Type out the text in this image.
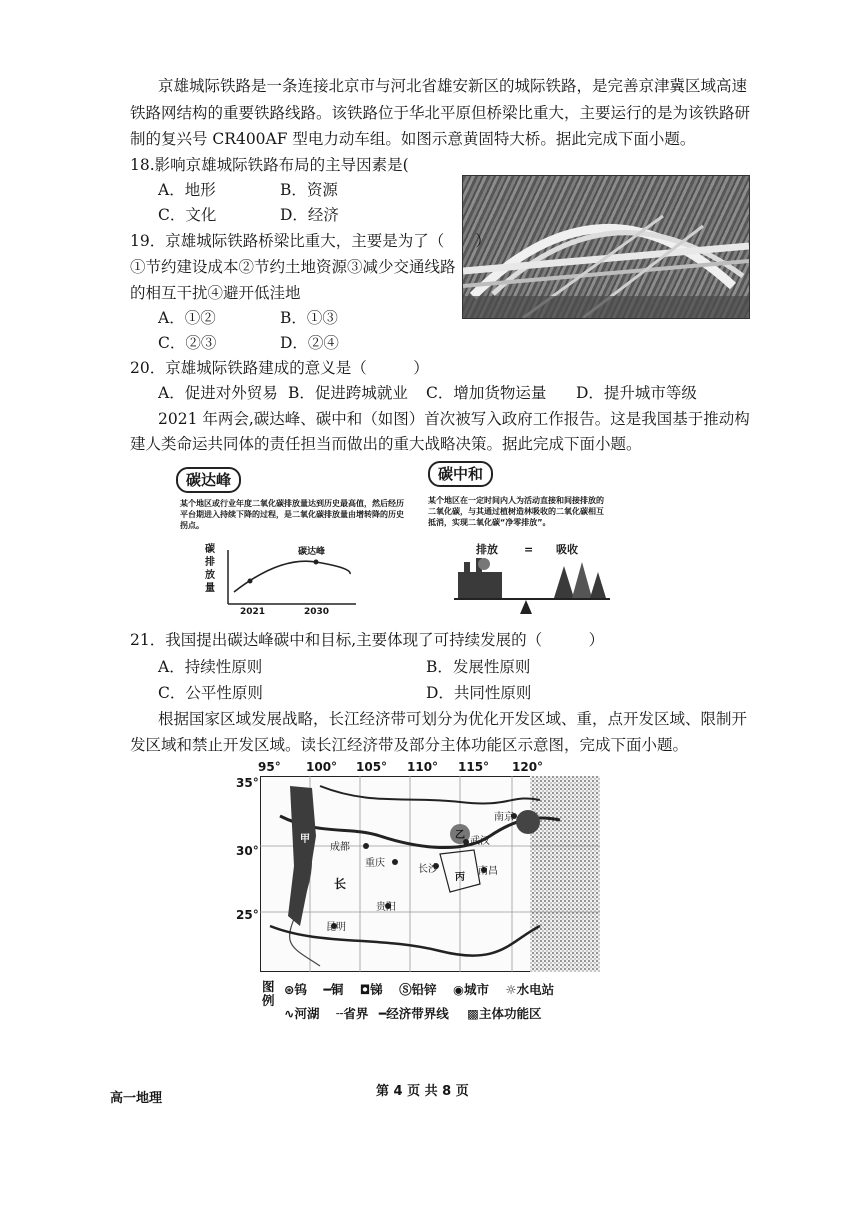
京雄城际铁路是一条连接北京市与河北省雄安新区的城际铁路，是完善京津冀区域高速
铁路网结构的重要铁路线路。该铁路位于华北平原但桥梁比重大，主要运行的是为该铁路研
制的复兴号 CR400AF 型电力动车组。如图示意黄固特大桥。据此完成下面小题。
18.影响京雄城际铁路布局的主导因素是(
A．地形	B．资源
C．文化	D．经济
19．京雄城际铁路桥梁比重大，主要是为了（　　）
①节约建设成本②节约土地资源③减少交通线路
的相互干扰④避开低洼地
A．①②	B．①③
C．②③	D．②④
20．京雄城际铁路建成的意义是（　　　）
A．促进对外贸易 B．促进跨城就业 C．增加货物运量 D．提升城市等级
2021 年两会,碳达峰、碳中和（如图）首次被写入政府工作报告。这是我国基于推动构
建人类命运共同体的责任担当而做出的重大战略决策。据此完成下面小题。
碳达峰
某个地区或行业年度二氧化碳排放量达到历史最高值，然后经历平台期进入持续下降的过程，是二氧化碳排放量由增转降的历史拐点。
碳排放量
碳达峰
2021	2030
碳中和
某个地区在一定时间内人为活动直接和间接排放的二氧化碳，与其通过植树造林吸收的二氧化碳相互抵消，实现二氧化碳“净零排放”。
排放 = 吸收
21．我国提出碳达峰碳中和目标,主要体现了可持续发展的（　　　）
A．持续性原则	B．发展性原则
C．公平性原则	D．共同性原则
根据国家区域发展战略，长江经济带可划分为优化开发区域、重，点开发区域、限制开
发区域和禁止开发区域。读长江经济带及部分主体功能区示意图，完成下面小题。
95° 100° 105° 110° 115° 120°
35°
30°
25°
成都
重庆
武汉
南京
长沙
贵阳
昆明
南昌
甲	乙
丙
长
图例
⊛钨 ━铜 ◘锑 Ⓢ铅锌 ◉城市 ☼水电站
∿河湖 ╌省界 ━经济带界线 ▩主体功能区
高一地理	第 4 页 共 8 页
